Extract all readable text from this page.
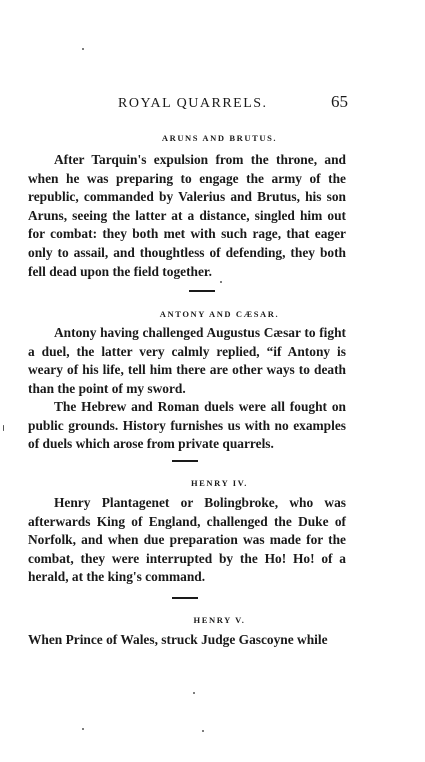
ROYAL QUARRELS.	65
ARUNS AND BRUTUS.

After Tarquin's expulsion from the throne, and when he was preparing to engage the army of the republic, commanded by Valerius and Brutus, his son Aruns, seeing the latter at a distance, singled him out for combat: they both met with such rage, that eager only to assail, and thoughtless of defending, they both fell dead upon the field together.

ANTONY AND CÆSAR.

Antony having challenged Augustus Cæsar to fight a duel, the latter very calmly replied, “if Antony is weary of his life, tell him there are other ways to death than the point of my sword.

The Hebrew and Roman duels were all fought on public grounds. History furnishes us with no examples of duels which arose from private quarrels.

HENRY IV.

Henry Plantagenet or Bolingbroke, who was afterwards King of England, challenged the Duke of Norfolk, and when due preparation was made for the combat, they were interrupted by the Ho! Ho! of a herald, at the king's command.

HENRY V.

When Prince of Wales, struck Judge Gascoyne while
